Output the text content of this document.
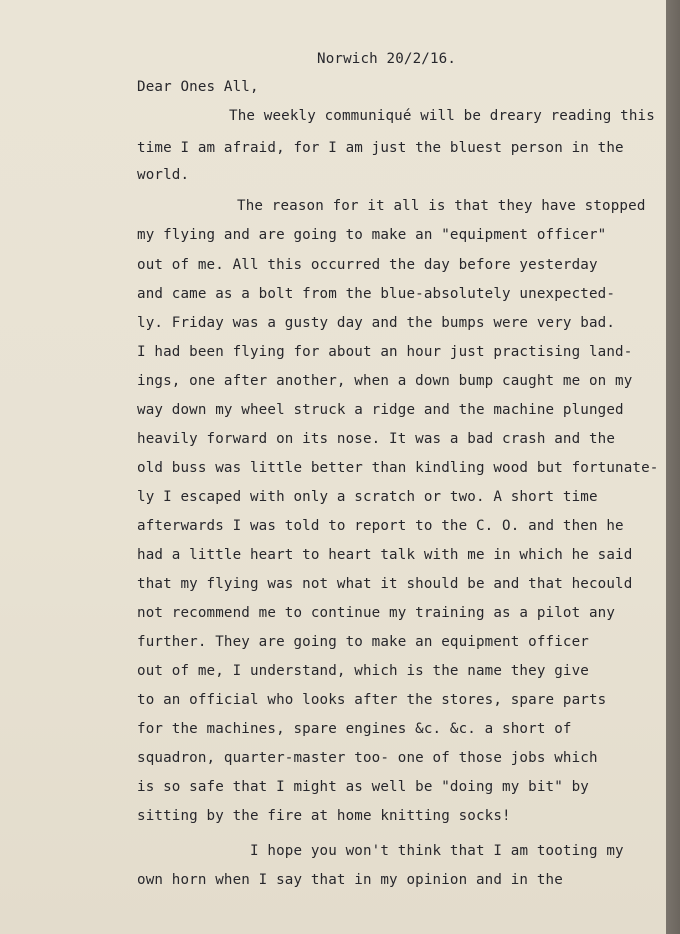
Norwich 20/2/16.
Dear Ones All,
The weekly communiqué will be dreary reading this
time I am afraid, for I am just the bluest person in the
world.
The reason for it all is that they have stopped
my flying and are going to make an "equipment officer"
out of me. All this occurred the day before yesterday
and came as a bolt from the blue-absolutely unexpected-
ly. Friday was a gusty day and the bumps were very bad.
I had been flying for about an hour just practising land-
ings, one after another, when a down bump caught me on my
way down my wheel struck a ridge and the machine plunged
heavily forward on its nose. It was a bad crash and the
old buss was little better than kindling wood but fortunate-
ly I escaped with only a scratch or two. A short time
afterwards I was told to report to the C. O. and then he
had a little heart to heart talk with me in which he said
that my flying was not what it should be and that hecould
not recommend me to continue my training as a pilot any
further. They are going to make an equipment officer
out of me, I understand, which is the name they give
to an official who looks after the stores, spare parts
for the machines, spare engines &c. &c. a short of
squadron, quarter-master too- one of those jobs which
is so safe that I might as well be "doing my bit" by
sitting by the fire at home knitting socks!
I hope you won't think that I am tooting my
own horn when I say that in my opinion and in the
